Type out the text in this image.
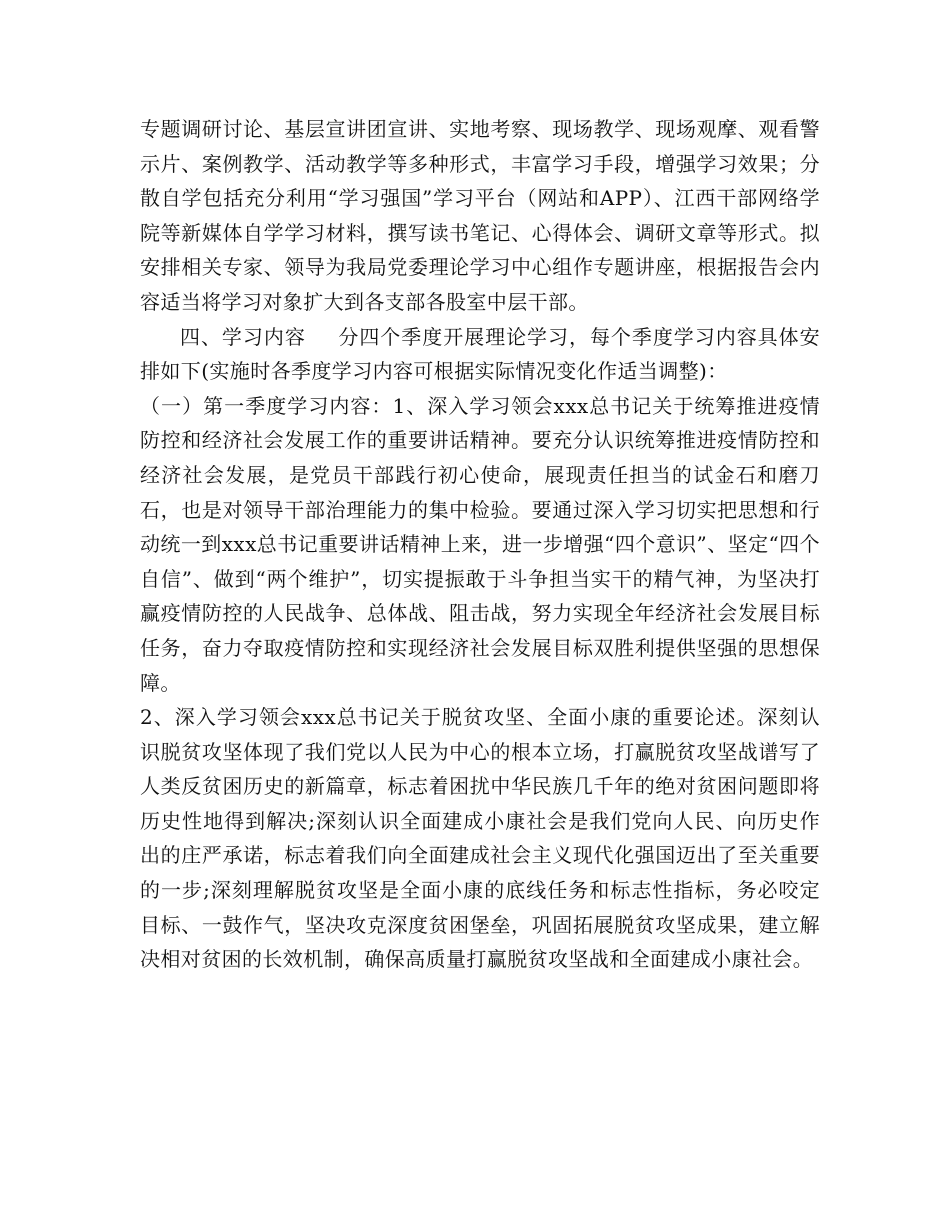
专题调研讨论、基层宣讲团宣讲、实地考察、现场教学、现场观摩、观看警示片、案例教学、活动教学等多种形式，丰富学习手段，增强学习效果；分散自学包括充分利用“学习强国”学习平台（网站和APP）、江西干部网络学院等新媒体自学学习材料，撰写读书笔记、心得体会、调研文章等形式。拟安排相关专家、领导为我局党委理论学习中心组作专题讲座，根据报告会内容适当将学习对象扩大到各支部各股室中层干部。

四、学习内容 分四个季度开展理论学习，每个季度学习内容具体安排如下(实施时各季度学习内容可根据实际情况变化作适当调整)：

（一）第一季度学习内容：1、深入学习领会xxx总书记关于统筹推进疫情防控和经济社会发展工作的重要讲话精神。要充分认识统筹推进疫情防控和经济社会发展，是党员干部践行初心使命，展现责任担当的试金石和磨刀石，也是对领导干部治理能力的集中检验。要通过深入学习切实把思想和行动统一到xxx总书记重要讲话精神上来，进一步增强“四个意识”、坚定“四个自信”、做到“两个维护”，切实提振敢于斗争担当实干的精气神，为坚决打赢疫情防控的人民战争、总体战、阻击战，努力实现全年经济社会发展目标任务，奋力夺取疫情防控和实现经济社会发展目标双胜利提供坚强的思想保障。

2、深入学习领会xxx总书记关于脱贫攻坚、全面小康的重要论述。深刻认识脱贫攻坚体现了我们党以人民为中心的根本立场，打赢脱贫攻坚战谱写了人类反贫困历史的新篇章，标志着困扰中华民族几千年的绝对贫困问题即将历史性地得到解决;深刻认识全面建成小康社会是我们党向人民、向历史作出的庄严承诺，标志着我们向全面建成社会主义现代化强国迈出了至关重要的一步;深刻理解脱贫攻坚是全面小康的底线任务和标志性指标，务必咬定目标、一鼓作气，坚决攻克深度贫困堡垒，巩固拓展脱贫攻坚成果，建立解决相对贫困的长效机制，确保高质量打赢脱贫攻坚战和全面建成小康社会。
